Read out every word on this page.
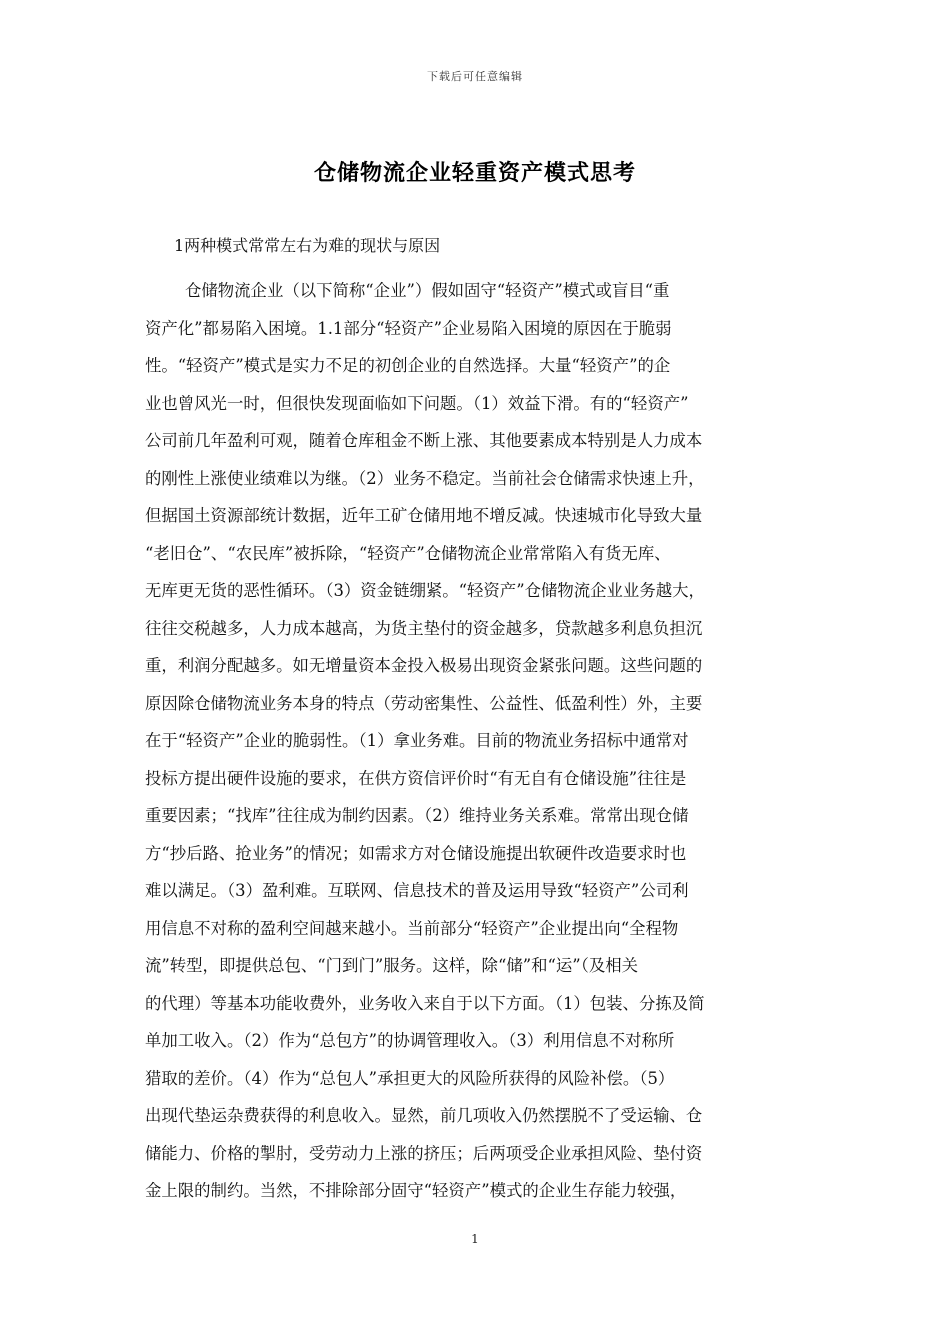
下载后可任意编辑
仓储物流企业轻重资产模式思考
1两种模式常常左右为难的现状与原因
仓储物流企业（以下简称“企业”）假如固守“轻资产”模式或盲目“重
资产化”都易陷入困境。1.1部分“轻资产”企业易陷入困境的原因在于脆弱
性。“轻资产”模式是实力不足的初创企业的自然选择。大量“轻资产”的企
业也曾风光一时，但很快发现面临如下问题。（1）效益下滑。有的“轻资产”
公司前几年盈利可观，随着仓库租金不断上涨、其他要素成本特别是人力成本
的刚性上涨使业绩难以为继。（2）业务不稳定。当前社会仓储需求快速上升，
但据国土资源部统计数据，近年工矿仓储用地不增反减。快速城市化导致大量
“老旧仓”、“农民库”被拆除，“轻资产”仓储物流企业常常陷入有货无库、
无库更无货的恶性循环。（3）资金链绷紧。“轻资产”仓储物流企业业务越大，
往往交税越多，人力成本越高，为货主垫付的资金越多，贷款越多利息负担沉
重，利润分配越多。如无增量资本金投入极易出现资金紧张问题。这些问题的
原因除仓储物流业务本身的特点（劳动密集性、公益性、低盈利性）外，主要
在于“轻资产”企业的脆弱性。（1）拿业务难。目前的物流业务招标中通常对
投标方提出硬件设施的要求，在供方资信评价时“有无自有仓储设施”往往是
重要因素；“找库”往往成为制约因素。（2）维持业务关系难。常常出现仓储
方“抄后路、抢业务”的情况；如需求方对仓储设施提出软硬件改造要求时也
难以满足。（3）盈利难。互联网、信息技术的普及运用导致“轻资产”公司利
用信息不对称的盈利空间越来越小。当前部分“轻资产”企业提出向“全程物
流”转型，即提供总包、“门到门”服务。这样，除“储”和“运”（及相关
的代理）等基本功能收费外，业务收入来自于以下方面。（1）包装、分拣及简
单加工收入。（2）作为“总包方”的协调管理收入。（3）利用信息不对称所
猎取的差价。（4）作为“总包人”承担更大的风险所获得的风险补偿。（5）
出现代垫运杂费获得的利息收入。显然，前几项收入仍然摆脱不了受运输、仓
储能力、价格的掣肘，受劳动力上涨的挤压；后两项受企业承担风险、垫付资
金上限的制约。当然，不排除部分固守“轻资产”模式的企业生存能力较强，
1
